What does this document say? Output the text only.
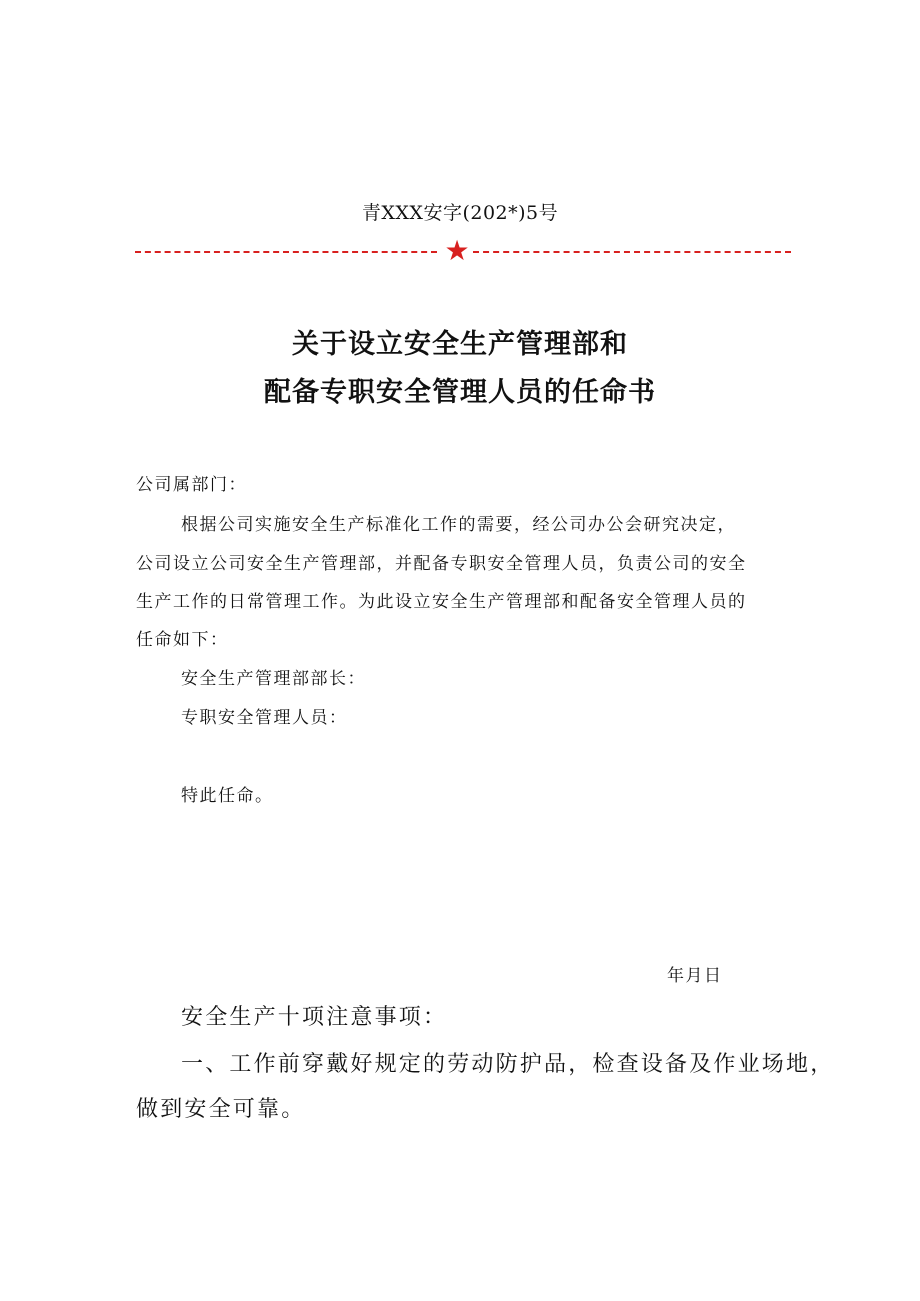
青XXX安字(202*)5号
★
关于设立安全生产管理部和
配备专职安全管理人员的任命书
公司属部门：
根据公司实施安全生产标准化工作的需要，经公司办公会研究决定，
公司设立公司安全生产管理部，并配备专职安全管理人员，负责公司的安全
生产工作的日常管理工作。为此设立安全生产管理部和配备安全管理人员的
任命如下：
安全生产管理部部长：
专职安全管理人员：
特此任命。
年月日
安全生产十项注意事项：
一、工作前穿戴好规定的劳动防护品，检查设备及作业场地，
做到安全可靠。
